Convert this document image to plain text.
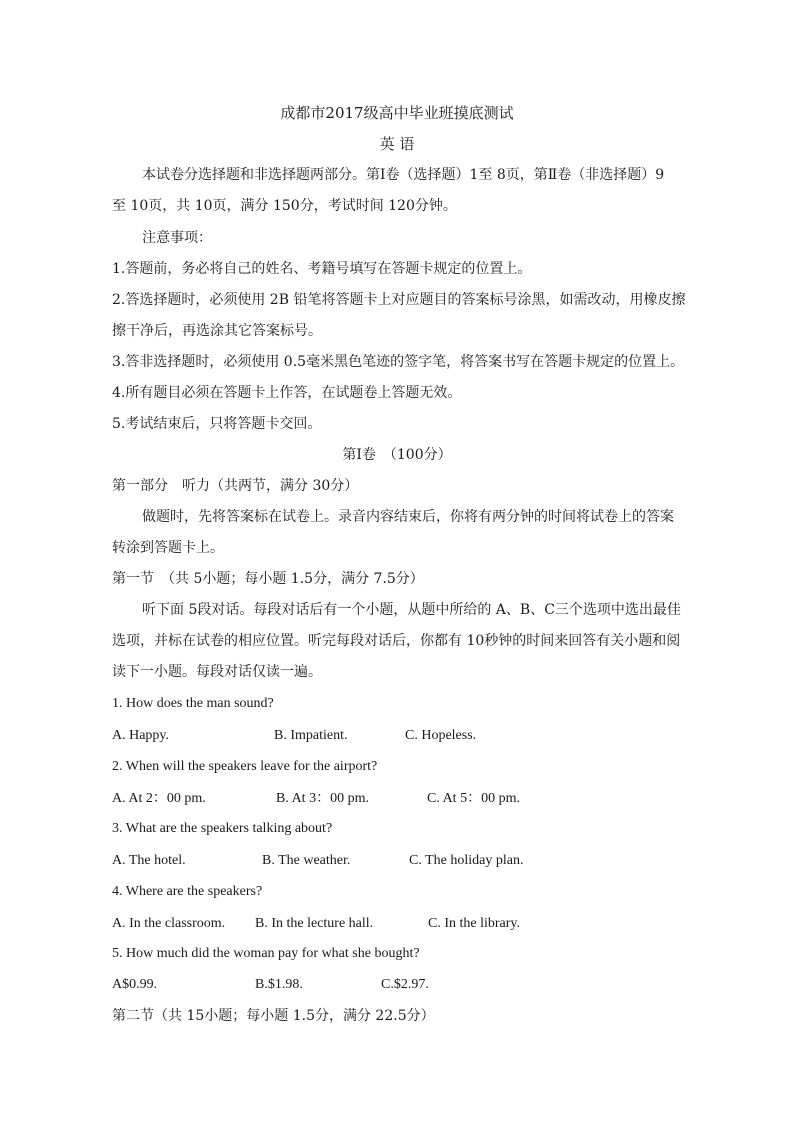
成都市2017级高中毕业班摸底测试
英 语
本试卷分选择题和非选择题两部分。第Ⅰ卷（选择题）1至 8页，第Ⅱ卷（非选择题）9
至 10页，共 10页，满分 150分，考试时间 120分钟。
注意事项：
1.答题前，务必将自己的姓名、考籍号填写在答题卡规定的位置上。
2.答选择题时，必须使用 2B 铅笔将答题卡上对应题目的答案标号涂黑，如需改动，用橡皮擦
擦干净后，再选涂其它答案标号。
3.答非选择题时，必须使用 0.5毫米黑色笔迹的签字笔，将答案书写在答题卡规定的位置上。
4.所有题目必须在答题卡上作答，在试题卷上答题无效。
5.考试结束后，只将答题卡交回。
第Ⅰ卷　（100分）
第一部分　听力（共两节，满分 30分）
做题时，先将答案标在试卷上。录音内容结束后，你将有两分钟的时间将试卷上的答案
转涂到答题卡上。
第一节　（共 5小题；每小题 1.5分，满分 7.5分）
听下面 5段对话。每段对话后有一个小题，从题中所给的 A、B、C三个选项中选出最佳
选项，并标在试卷的相应位置。听完每段对话后，你都有 10秒钟的时间来回答有关小题和阅
读下一小题。每段对话仅读一遍。
1. How does the man sound?
A. Happy.	B. Impatient.	C. Hopeless.
2. When will the speakers leave for the airport?
A. At 2：00 pm.	B. At 3：00 pm.	C. At 5：00 pm.
3. What are the speakers talking about?
A. The hotel.	B. The weather.	C. The holiday plan.
4. Where are the speakers?
A. In the classroom. B. In the lecture hall.	C. In the library.
5. How much did the woman pay for what she bought?
A$0.99.	B.$1.98.	C.$2.97.
第二节（共 15小题；每小题 1.5分，满分 22.5分）
